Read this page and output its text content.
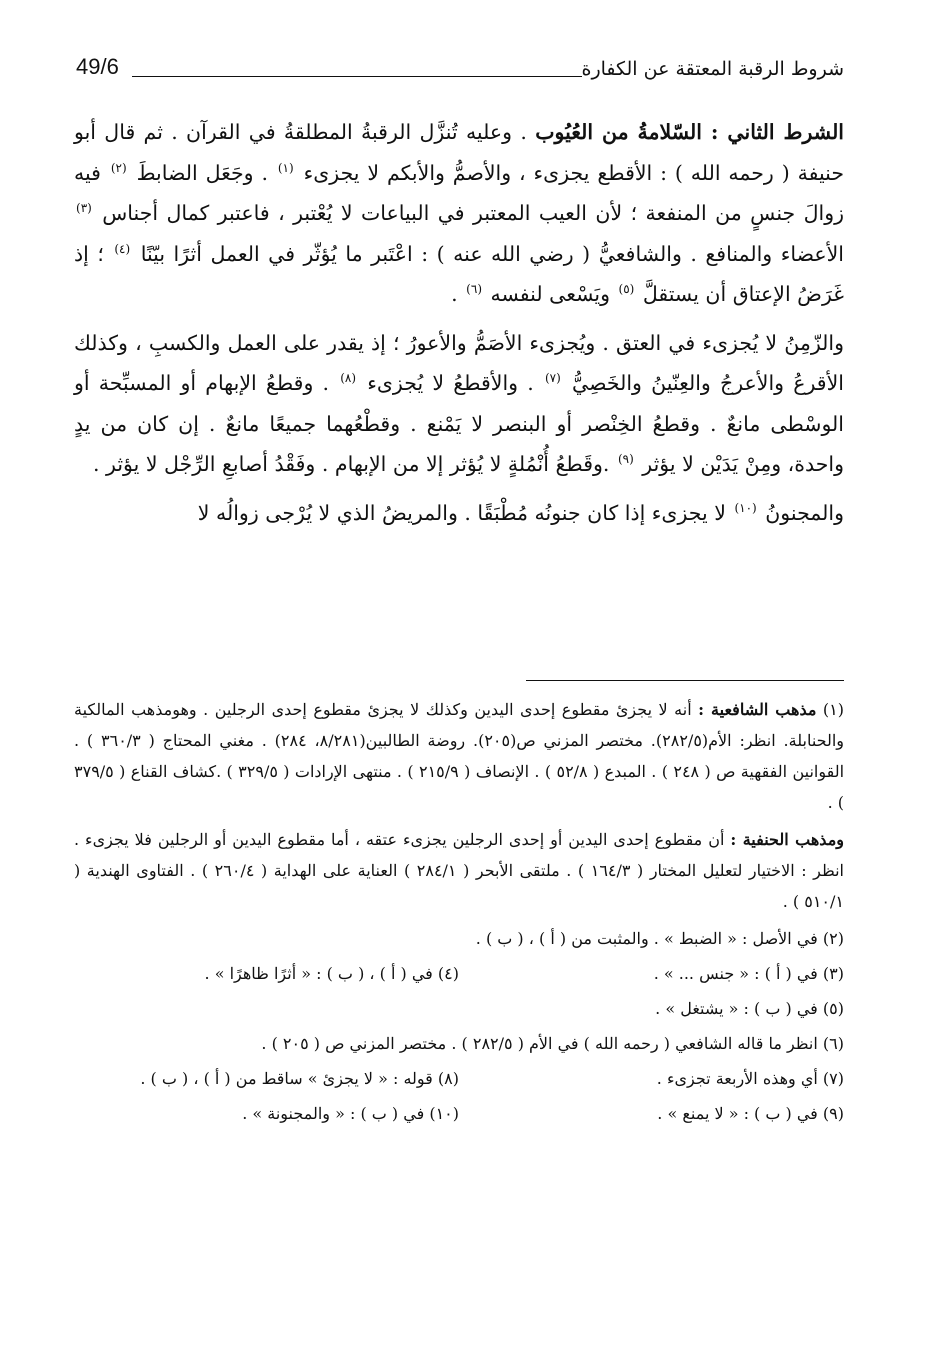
شروط الرقبة المعتقة عن الكفارة
49/6

الشرط الثاني : السّلامةُ من العُيُوب . وعليه تُنزَّل الرقبةُ المطلقةُ في القرآن . ثم قال أبو حنيفة ( رحمه الله ) : الأقطع يجزىء ، والأصمُّ والأبكم لا يجزىء $^{(١)}$ . وجَعَل الضابطَ $^{(٢)}$ فيه زوالَ جنسٍ من المنفعة ؛ لأن العيب المعتبر في البياعات لا يُعْتبر ، فاعتبر كمال أجناس $^{(٣)}$ الأعضاء والمنافع . والشافعيُّ ( رضي الله عنه ) : اعْتَبر ما يُؤثّر في العمل أثرًا بيّنًا $^{(٤)}$ ؛ إذ غَرَضُ الإعتاق أن يستقلَّ $^{(٥)}$ ويَسْعى لنفسه $^{(٦)}$ .

والزّمِنُ لا يُجزىء في العتق . ويُجزىء الأصَمُّ والأعورُ ؛ إذ يقدر على العمل والكسبِ ، وكذلك الأقرعُ والأعرجُ والعِنّينُ والخَصِيُّ $^{(٧)}$ . والأقطعُ لا يُجزىء $^{(٨)}$ . وقطعُ الإبهام أو المسبِّحة أو الوسْطى مانعٌ . وقطعُ الخِنْصر أو البنصر لا يَمْنع . وقطْعُهما جميعًا مانعٌ . إن كان من يدٍ واحدة، ومِنْ يَدَيْن لا يؤثر $^{(٩)}$ .وقَطعُ أُنْمُلةٍ لا يُؤثر إلا من الإبهام . وفَقْدُ أصابعِ الرِّجْل لا يؤثر .

والمجنونُ $^{(١٠)}$ لا يجزىء إذا كان جنونُه مُطْبَقًا . والمريضُ الذي لا يُرْجى زوالُه لا

(١) مذهب الشافعية : أنه لا يجزئ مقطوع إحدى اليدين وكذلك لا يجزئ مقطوع إحدى الرجلين . وهومذهب المالكية والحنابلة. انظر: الأم(٢٨٢/٥). مختصر المزني ص(٢٠٥). روضة الطالبين(٨/٢٨١، ٢٨٤) . مغني المحتاج ( ٣٦٠/٣ ) . القوانين الفقهية ص ( ٢٤٨ ) . المبدع ( ٥٢/٨ ) . الإنصاف ( ٢١٥/٩ ) . منتهى الإرادات ( ٣٢٩/٥ ) .كشاف القناع ( ٣٧٩/٥ ) .

ومذهب الحنفية : أن مقطوع إحدى اليدين أو إحدى الرجلين يجزىء عتقه ، أما مقطوع اليدين أو الرجلين فلا يجزىء . انظر : الاختيار لتعليل المختار ( ١٦٤/٣ ) . ملتقى الأبحر ( ٢٨٤/١ ) العناية على الهداية ( ٢٦٠/٤ ) . الفتاوى الهندية ( ٥١٠/١ ) .

(٢) في الأصل : « الضبط » . والمثبت من ( أ ) ، ( ب ) .
(٣) في ( أ ) : « جنس ... » .
(٤) في ( أ ) ، ( ب ) : « أثرًا ظاهرًا » .
(٥) في ( ب ) : « يشتغل » .
(٦) انظر ما قاله الشافعي ( رحمه الله ) في الأم ( ٢٨٢/٥ ) . مختصر المزني ص ( ٢٠٥ ) .
(٧) أي وهذه الأربعة تجزىء .
(٨) قوله : « لا يجزئ » ساقط من ( أ ) ، ( ب ) .
(٩) في ( ب ) : « لا يمنع » .
(١٠) في ( ب ) : « والمجنونة » .
